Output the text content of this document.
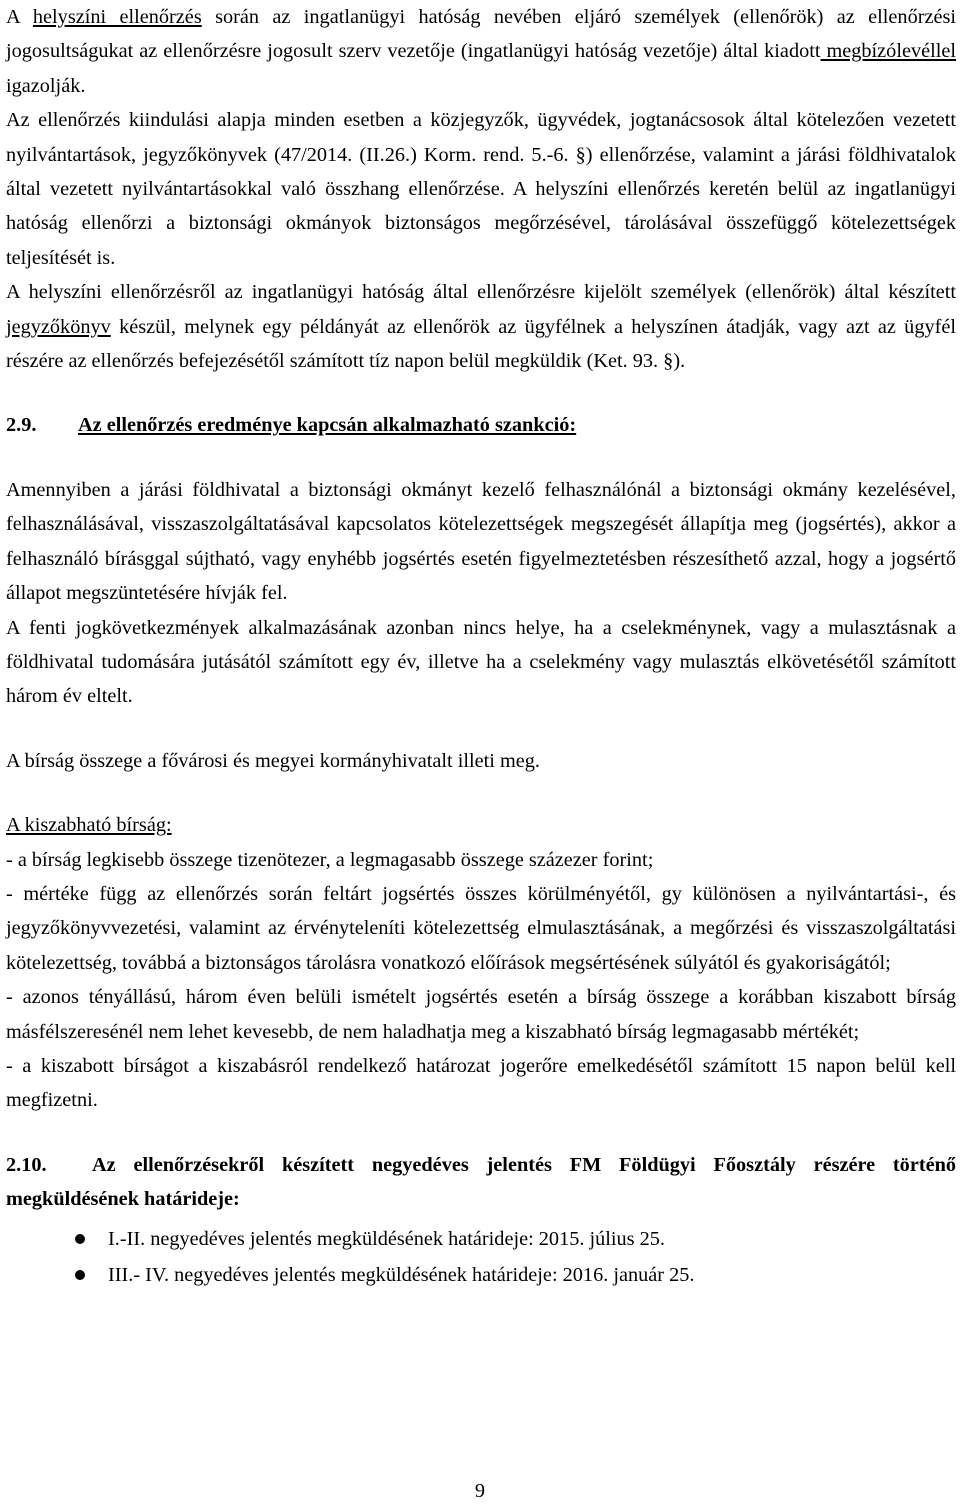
A helyszíni ellenőrzés során az ingatlanügyi hatóság nevében eljáró személyek (ellenőrök) az ellenőrzési jogosultságukat az ellenőrzésre jogosult szerv vezetője (ingatlanügyi hatóság vezetője) által kiadott megbízólevéllel igazolják.

Az ellenőrzés kiindulási alapja minden esetben a közjegyzők, ügyvédek, jogtanácsosok által kötelezően vezetett nyilvántartások, jegyzőkönyvek (47/2014. (II.26.) Korm. rend. 5.-6. §) ellenőrzése, valamint a járási földhivatalok által vezetett nyilvántartásokkal való összhang ellenőrzése. A helyszíni ellenőrzés keretén belül az ingatlanügyi hatóság ellenőrzi a biztonsági okmányok biztonságos megőrzésével, tárolásával összefüggő kötelezettségek teljesítését is.

A helyszíni ellenőrzésről az ingatlanügyi hatóság által ellenőrzésre kijelölt személyek (ellenőrök) által készített jegyzőkönyv készül, melynek egy példányát az ellenőrök az ügyfélnek a helyszínen átadják, vagy azt az ügyfél részére az ellenőrzés befejezésétől számított tíz napon belül megküldik (Ket. 93. §).

2.9. Az ellenőrzés eredménye kapcsán alkalmazható szankció:

Amennyiben a járási földhivatal a biztonsági okmányt kezelő felhasználónál a biztonsági okmány kezelésével, felhasználásával, visszaszolgáltatásával kapcsolatos kötelezettségek megszegését állapítja meg (jogsértés), akkor a felhasználó bírásggal sújtható, vagy enyhébb jogsértés esetén figyelmeztetésben részesíthető azzal, hogy a jogsértő állapot megszüntetésére hívják fel.

A fenti jogkövetkezmények alkalmazásának azonban nincs helye, ha a cselekménynek, vagy a mulasztásnak a földhivatal tudomására jutásától számított egy év, illetve ha a cselekmény vagy mulasztás elkövetésétől számított három év eltelt.

A bírság összege a fővárosi és megyei kormányhivatalt illeti meg.

A kiszabható bírság:

- a bírság legkisebb összege tizenötezer, a legmagasabb összege százezer forint;

- mértéke függ az ellenőrzés során feltárt jogsértés összes körülményétől, gy különösen a nyilvántartási-, és jegyzőkönyvvezetési, valamint az érvényteleníti kötelezettség elmulasztásának, a megőrzési és visszaszolgáltatási kötelezettség, továbbá a biztonságos tárolásra vonatkozó előírások megsértésének súlyától és gyakoriságától;

- azonos tényállású, három éven belüli ismételt jogsértés esetén a bírság összege a korábban kiszabott bírság másfélszeresénél nem lehet kevesebb, de nem haladhatja meg a kiszabható bírság legmagasabb mértékét;

- a kiszabott bírságot a kiszabásról rendelkező határozat jogerőre emelkedésétől számított 15 napon belül kell megfizetni.

2.10. Az ellenőrzésekről készített negyedéves jelentés FM Földügyi Főosztály részére történő megküldésének határideje:

I.-II. negyedéves jelentés megküldésének határideje: 2015. július 25.
III.- IV. negyedéves jelentés megküldésének határideje: 2016. január 25.
9
